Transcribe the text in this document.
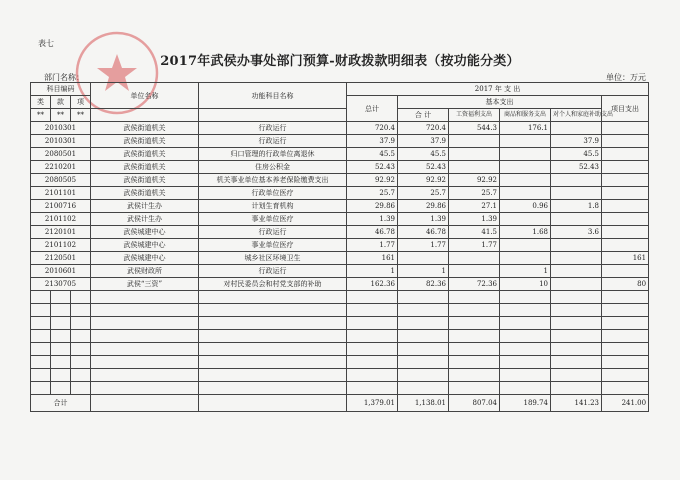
表七
2017年武侯办事处部门预算-财政拨款明细表（按功能分类）
部门名称：	单位：万元
科目编码			单位名称	功能科目名称	2017 年 支 出					
类	款	项			总计	基本支出				项目支出
						合 计	工资福利支出	商品和服务支出	对个人和家庭补助支出	
**	**	**								
2010301			武侯街道机关	行政运行	720.4	720.4	544.3	176.1		
2010301			武侯街道机关	行政运行	37.9	37.9			37.9	
2080501			武侯街道机关	归口管理的行政单位离退休	45.5	45.5			45.5	
2210201			武侯街道机关	住房公积金	52.43	52.43			52.43	
2080505			武侯街道机关	机关事业单位基本养老保险缴费支出	92.92	92.92	92.92			
2101101			武侯街道机关	行政单位医疗	25.7	25.7	25.7			
2100716			武侯计生办	计划生育机构	29.86	29.86	27.1	0.96	1.8	
2101102			武侯计生办	事业单位医疗	1.39	1.39	1.39			
2120101			武侯城建中心	行政运行	46.78	46.78	41.5	1.68	3.6	
2101102			武侯城建中心	事业单位医疗	1.77	1.77	1.77			
2120501			武侯城建中心	城乡社区环境卫生	161					161
2010601			武侯财政所	行政运行	1	1		1		
2130705			武侯“三资”	对村民委员会和村党支部的补助	162.36	82.36	72.36	10		80

合计					1,379.01	1,138.01	807.04	189.74	141.23	241.00
